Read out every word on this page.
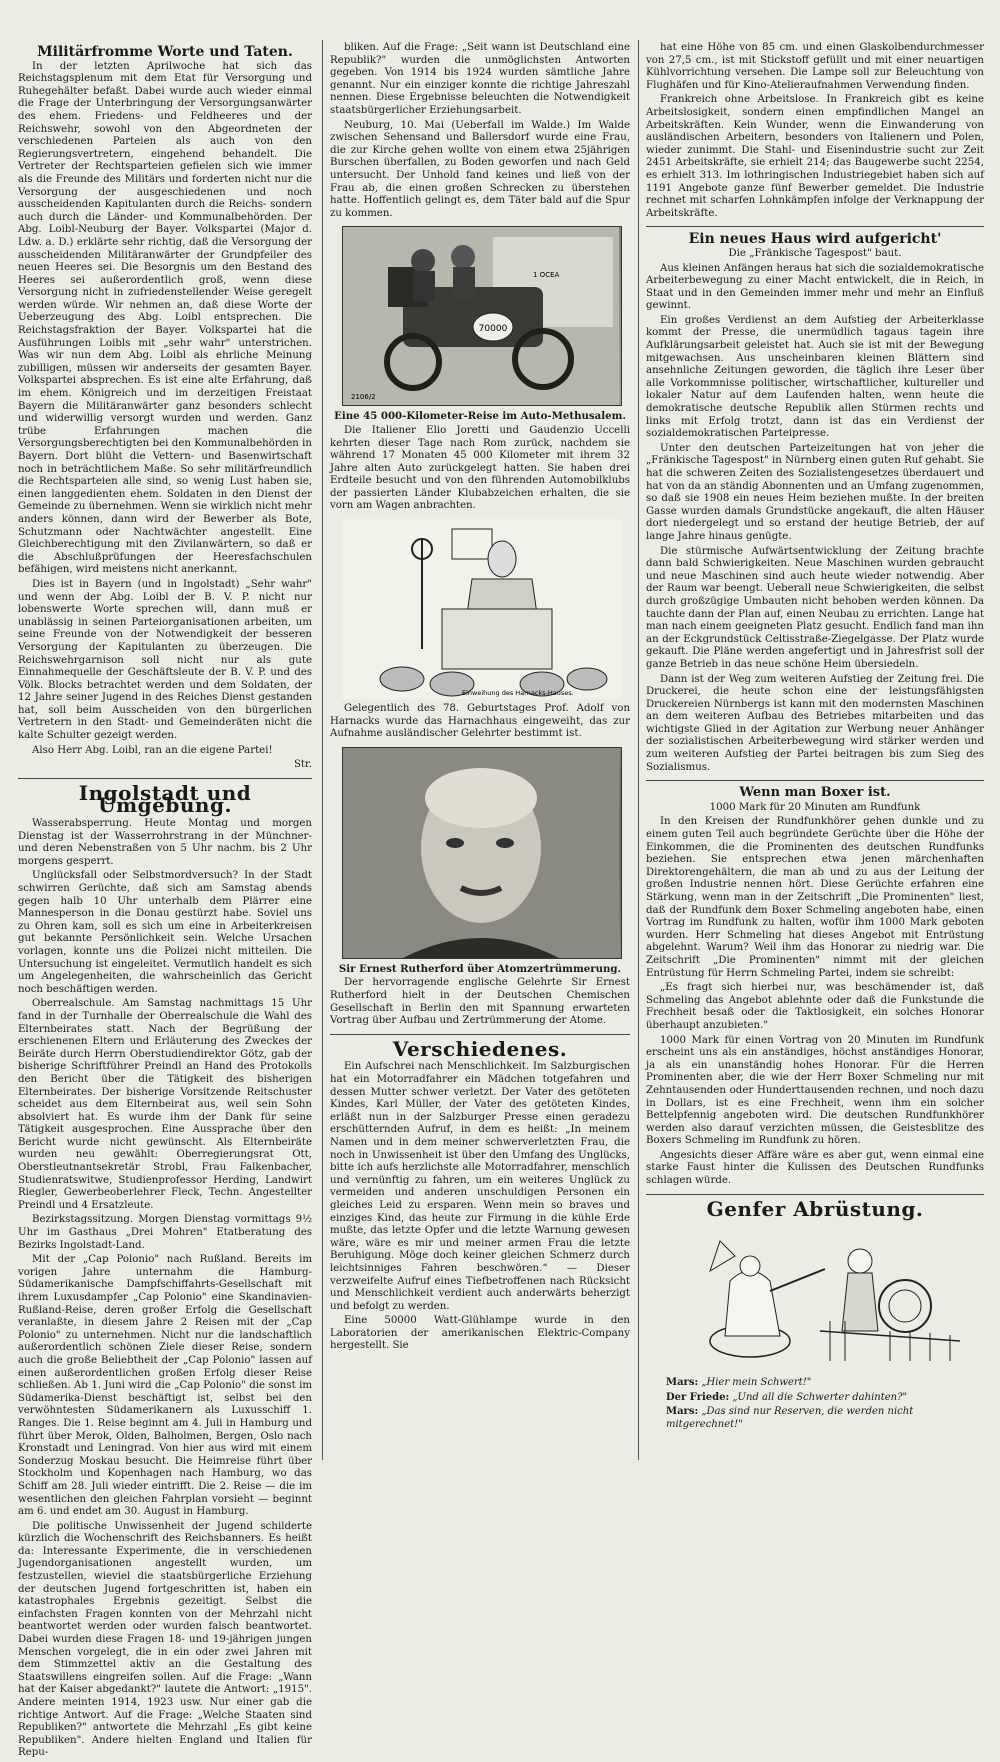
Militärfromme Worte und Taten.

In der letzten Aprilwoche hat sich das Reichstagsplenum mit dem Etat für Versorgung und Ruhegehälter befaßt. Dabei wurde auch wieder einmal die Frage der Unterbringung der Versorgungsanwärter des ehem. Friedens- und Feldheeres und der Reichswehr, sowohl von den Abgeordneten der verschiedenen Parteien als auch von den Regierungsvertretern, eingehend behandelt. Die Vertreter der Rechtsparteien gefielen sich wie immer als die Freunde des Militärs und forderten nicht nur die Versorgung der ausgeschiedenen und noch ausscheidenden Kapitulanten durch die Reichs- sondern auch durch die Länder- und Kommunalbehörden. Der Abg. Loibl-Neuburg der Bayer. Volkspartei (Major d. Ldw. a. D.) erklärte sehr richtig, daß die Versorgung der ausscheidenden Militäranwärter der Grundpfeiler des neuen Heeres sei. Die Besorgnis um den Bestand des Heeres sei außerordentlich groß, wenn diese Versorgung nicht in zufriedenstellender Weise geregelt werden würde. Wir nehmen an, daß diese Worte der Ueberzeugung des Abg. Loibl entsprechen. Die Reichstagsfraktion der Bayer. Volkspartei hat die Ausführungen Loibls mit „sehr wahr" unterstrichen. Was wir nun dem Abg. Loibl als ehrliche Meinung zubilligen, müssen wir anderseits der gesamten Bayer. Volkspartei absprechen. Es ist eine alte Erfahrung, daß im ehem. Königreich und im derzeitigen Freistaat Bayern die Militäranwärter ganz besonders schlecht und widerwillig versorgt wurden und werden. Ganz trübe Erfahrungen machen die Versorgungsberechtigten bei den Kommunalbehörden in Bayern. Dort blüht die Vettern- und Basenwirtschaft noch in beträchtlichem Maße. So sehr militärfreundlich die Rechtsparteien alle sind, so wenig Lust haben sie, einen langgedienten ehem. Soldaten in den Dienst der Gemeinde zu übernehmen. Wenn sie wirklich nicht mehr anders können, dann wird der Bewerber als Bote, Schutzmann oder Nachtwächter angestellt. Eine Gleichberechtigung mit den Zivilanwärtern, so daß er die Abschlußprüfungen der Heeresfachschulen befähigen, wird meistens nicht anerkannt.

Dies ist in Bayern (und in Ingolstadt) „Sehr wahr" und wenn der Abg. Loibl der B. V. P. nicht nur lobenswerte Worte sprechen will, dann muß er unablässig in seinen Parteiorganisationen arbeiten, um seine Freunde von der Notwendigkeit der besseren Versorgung der Kapitulanten zu überzeugen. Die Reichswehrgarnison soll nicht nur als gute Einnahmequelle der Geschäftsleute der B. V. P. und des Völk. Blocks betrachtet werden und dem Soldaten, der 12 Jahre seiner Jugend in des Reiches Dienst gestanden hat, soll beim Ausscheiden von den bürgerlichen Vertretern in den Stadt- und Gemeinderäten nicht die kalte Schulter gezeigt werden.

Also Herr Abg. Loibl, ran an die eigene Partei!

Str.

Ingolstadt und Umgebung.

Wasserabsperrung. Heute Montag und morgen Dienstag ist der Wasserrohrstrang in der Münchner- und deren Nebenstraßen von 5 Uhr nachm. bis 2 Uhr morgens gesperrt.

Unglücksfall oder Selbstmordversuch? In der Stadt schwirren Gerüchte, daß sich am Samstag abends gegen halb 10 Uhr unterhalb dem Plärrer eine Mannesperson in die Donau gestürzt habe. Soviel uns zu Ohren kam, soll es sich um eine in Arbeiterkreisen gut bekannte Persönlichkeit sein. Welche Ursachen vorlagen, konnte uns die Polizei nicht mitteilen. Die Untersuchung ist eingeleitet. Vermutlich handelt es sich um Angelegenheiten, die wahrscheinlich das Gericht noch beschäftigen werden.

Oberrealschule. Am Samstag nachmittags 15 Uhr fand in der Turnhalle der Oberrealschule die Wahl des Elternbeirates statt. Nach der Begrüßung der erschienenen Eltern und Erläuterung des Zweckes der Beiräte durch Herrn Oberstudiendirektor Götz, gab der bisherige Schriftführer Preindl an Hand des Protokolls den Bericht über die Tätigkeit des bisherigen Elternbeirates. Der bisherige Vorsitzende Reitschuster scheidet aus dem Elternbeirat aus, weil sein Sohn absolviert hat. Es wurde ihm der Dank für seine Tätigkeit ausgesprochen. Eine Aussprache über den Bericht wurde nicht gewünscht. Als Elternbeiräte wurden neu gewählt: Oberregierungsrat Ott, Oberstleutnantsekretär Strobl, Frau Falkenbacher, Studienratswitwe, Studienprofessor Herding, Landwirt Riegler, Gewerbeoberlehrer Fleck, Techn. Angestellter Preindl und 4 Ersatzleute.

Bezirkstagssitzung. Morgen Dienstag vormittags 9½ Uhr im Gasthaus „Drei Mohren" Etatberatung des Bezirks Ingolstadt-Land.

Mit der „Cap Polonio" nach Rußland. Bereits im vorigen Jahre unternahm die Hamburg-Südamerikanische Dampfschiffahrts-Gesellschaft mit ihrem Luxusdampfer „Cap Polonio" eine Skandinavien-Rußland-Reise, deren großer Erfolg die Gesellschaft veranlaßte, in diesem Jahre 2 Reisen mit der „Cap Polonio" zu unternehmen. Nicht nur die landschaftlich außerordentlich schönen Ziele dieser Reise, sondern auch die große Beliebtheit der „Cap Polonio" lassen auf einen außerordentlichen großen Erfolg dieser Reise schließen. Ab 1. Juni wird die „Cap Polonio" die sonst im Südamerika-Dienst beschäftigt ist, selbst bei den verwöhntesten Südamerikanern als Luxusschiff 1. Ranges. Die 1. Reise beginnt am 4. Juli in Hamburg und führt über Merok, Olden, Balholmen, Bergen, Oslo nach Kronstadt und Leningrad. Von hier aus wird mit einem Sonderzug Moskau besucht. Die Heimreise führt über Stockholm und Kopenhagen nach Hamburg, wo das Schiff am 28. Juli wieder eintrifft. Die 2. Reise — die im wesentlichen den gleichen Fahrplan vorsieht — beginnt am 6. und endet am 30. August in Hamburg.

Die politische Unwissenheit der Jugend schilderte kürzlich die Wochenschrift des Reichsbanners. Es heißt da: Interessante Experimente, die in verschiedenen Jugendorganisationen angestellt wurden, um festzustellen, wieviel die staatsbürgerliche Erziehung der deutschen Jugend fortgeschritten ist, haben ein katastrophales Ergebnis gezeitigt. Selbst die einfachsten Fragen konnten von der Mehrzahl nicht beantwortet werden oder wurden falsch beantwortet. Dabei wurden diese Fragen 18- und 19-jährigen jungen Menschen vorgelegt, die in ein oder zwei Jahren mit dem Stimmzettel aktiv an die Gestaltung des Staatswillens eingreifen sollen. Auf die Frage: „Wann hat der Kaiser abgedankt?" lautete die Antwort: „1915". Andere meinten 1914, 1923 usw. Nur einer gab die richtige Antwort. Auf die Frage: „Welche Staaten sind Republiken?" antwortete die Mehrzahl „Es gibt keine Republiken". Andere hielten England und Italien für Repu-

bliken. Auf die Frage: „Seit wann ist Deutschland eine Republik?" wurden die unmöglichsten Antworten gegeben. Von 1914 bis 1924 wurden sämtliche Jahre genannt. Nur ein einziger konnte die richtige Jahreszahl nennen. Diese Ergebnisse beleuchten die Notwendigkeit staatsbürgerlicher Erziehungsarbeit.

Neuburg, 10. Mai (Ueberfall im Walde.) Im Walde zwischen Sehensand und Ballersdorf wurde eine Frau, die zur Kirche gehen wollte von einem etwa 25jährigen Burschen überfallen, zu Boden geworfen und nach Geld untersucht. Der Unhold fand keines und ließ von der Frau ab, die einen großen Schrecken zu überstehen hatte. Hoffentlich gelingt es, dem Täter bald auf die Spur zu kommen.

70000
1 OCEA
2106/2

Eine 45 000-Kilometer-Reise im Auto-Methusalem.

Die Italiener Elio Joretti und Gaudenzio Uccelli kehrten dieser Tage nach Rom zurück, nachdem sie während 17 Monaten 45 000 Kilometer mit ihrem 32 Jahre alten Auto zurückgelegt hatten. Sie haben drei Erdteile besucht und von den führenden Automobilklubs der passierten Länder Klubabzeichen erhalten, die sie vorn am Wagen anbrachten.

Einweihung des Harnacks-Hauses.

Gelegentlich des 78. Geburtstages Prof. Adolf von Harnacks wurde das Harnachhaus eingeweiht, das zur Aufnahme ausländischer Gelehrter bestimmt ist.

Sir Ernest Rutherford über Atomzertrümmerung.

Der hervorragende englische Gelehrte Sir Ernest Rutherford hielt in der Deutschen Chemischen Gesellschaft in Berlin den mit Spannung erwarteten Vortrag über Aufbau und Zertrümmerung der Atome.

Verschiedenes.

Ein Aufschrei nach Menschlichkeit. Im Salzburgischen hat ein Motorradfahrer ein Mädchen totgefahren und dessen Mutter schwer verletzt. Der Vater des getöteten Kindes, Karl Müller, der Vater des getöteten Kindes, erläßt nun in der Salzburger Presse einen geradezu erschütternden Aufruf, in dem es heißt: „In meinem Namen und in dem meiner schwerverletzten Frau, die noch in Unwissenheit ist über den Umfang des Unglücks, bitte ich aufs herzlichste alle Motorradfahrer, menschlich und vernünftig zu fahren, um ein weiteres Unglück zu vermeiden und anderen unschuldigen Personen ein gleiches Leid zu ersparen. Wenn mein so braves und einziges Kind, das heute zur Firmung in die kühle Erde mußte, das letzte Opfer und die letzte Warnung gewesen wäre, wäre es mir und meiner armen Frau die letzte Beruhigung. Möge doch keiner gleichen Schmerz durch leichtsinniges Fahren beschwören.“ — Dieser verzweifelte Aufruf eines Tiefbetroffenen nach Rücksicht und Menschlichkeit verdient auch anderwärts beherzigt und befolgt zu werden.

Eine 50000 Watt-Glühlampe wurde in den Laboratorien der amerikanischen Elektric-Company hergestellt. Sie

hat eine Höhe von 85 cm. und einen Glaskolbendurchmesser von 27,5 cm., ist mit Stickstoff gefüllt und mit einer neuartigen Kühlvorrichtung versehen. Die Lampe soll zur Beleuchtung von Flughäfen und für Kino-Atelieraufnahmen Verwendung finden.

Frankreich ohne Arbeitslose. In Frankreich gibt es keine Arbeitslosigkeit, sondern einen empfindlichen Mangel an Arbeitskräften. Kein Wunder, wenn die Einwanderung von ausländischen Arbeitern, besonders von Italienern und Polen, wieder zunimmt. Die Stahl- und Eisenindustrie sucht zur Zeit 2451 Arbeitskräfte, sie erhielt 214; das Baugewerbe sucht 2254, es erhielt 313. Im lothringischen Industriegebiet haben sich auf 1191 Angebote ganze fünf Bewerber gemeldet. Die Industrie rechnet mit scharfen Lohnkämpfen infolge der Verknappung der Arbeitskräfte.

Ein neues Haus wird aufgericht'

Die „Fränkische Tagespost" baut.

Aus kleinen Anfängen heraus hat sich die sozialdemokratische Arbeiterbewegung zu einer Macht entwickelt, die in Reich, in Staat und in den Gemeinden immer mehr und mehr an Einfluß gewinnt.

Ein großes Verdienst an dem Aufstieg der Arbeiterklasse kommt der Presse, die unermüdlich tagaus tagein ihre Aufklärungsarbeit geleistet hat. Auch sie ist mit der Bewegung mitgewachsen. Aus unscheinbaren kleinen Blättern sind ansehnliche Zeitungen geworden, die täglich ihre Leser über alle Vorkommnisse politischer, wirtschaftlicher, kultureller und lokaler Natur auf dem Laufenden halten, wenn heute die demokratische deutsche Republik allen Stürmen rechts und links mit Erfolg trotzt, dann ist das ein Verdienst der sozialdemokratischen Parteipresse.

Unter den deutschen Parteizeitungen hat von jeher die „Fränkische Tagespost" in Nürnberg einen guten Ruf gehabt. Sie hat die schweren Zeiten des Sozialistengesetzes überdauert und hat von da an ständig Abonnenten und an Umfang zugenommen, so daß sie 1908 ein neues Heim beziehen mußte. In der breiten Gasse wurden damals Grundstücke angekauft, die alten Häuser dort niedergelegt und so erstand der heutige Betrieb, der auf lange Jahre hinaus genügte.

Die stürmische Aufwärtsentwicklung der Zeitung brachte dann bald Schwierigkeiten. Neue Maschinen wurden gebraucht und neue Maschinen sind auch heute wieder notwendig. Aber der Raum war beengt. Ueberall neue Schwierigkeiten, die selbst durch großzügige Umbauten nicht behoben werden können. Da tauchte dann der Plan auf, einen Neubau zu errichten. Lange hat man nach einem geeigneten Platz gesucht. Endlich fand man ihn an der Eckgrundstück Celtisstraße-Ziegelgasse. Der Platz wurde gekauft. Die Pläne werden angefertigt und in Jahresfrist soll der ganze Betrieb in das neue schöne Heim übersiedeln.

Dann ist der Weg zum weiteren Aufstieg der Zeitung frei. Die Druckerei, die heute schon eine der leistungsfähigsten Druckereien Nürnbergs ist kann mit den modernsten Maschinen an dem weiteren Aufbau des Betriebes mitarbeiten und das wichtigste Glied in der Agitation zur Werbung neuer Anhänger der sozialistischen Arbeiterbewegung wird stärker werden und zum weiteren Aufstieg der Partei beitragen bis zum Sieg des Sozialismus.

Wenn man Boxer ist.

1000 Mark für 20 Minuten am Rundfunk

In den Kreisen der Rundfunkhörer gehen dunkle und zu einem guten Teil auch begründete Gerüchte über die Höhe der Einkommen, die die Prominenten des deutschen Rundfunks beziehen. Sie entsprechen etwa jenen märchenhaften Direktorengehältern, die man ab und zu aus der Leitung der großen Industrie nennen hört. Diese Gerüchte erfahren eine Stärkung, wenn man in der Zeitschrift „Die Prominenten" liest, daß der Rundfunk dem Boxer Schmeling angeboten habe, einen Vortrag im Rundfunk zu halten, wofür ihm 1000 Mark geboten wurden. Herr Schmeling hat dieses Angebot mit Entrüstung abgelehnt. Warum? Weil ihm das Honorar zu niedrig war. Die Zeitschrift „Die Prominenten" nimmt mit der gleichen Entrüstung für Herrn Schmeling Partei, indem sie schreibt:

„Es fragt sich hierbei nur, was beschämender ist, daß Schmeling das Angebot ablehnte oder daß die Funkstunde die Frechheit besaß oder die Taktlosigkeit, ein solches Honorar überhaupt anzubieten."

1000 Mark für einen Vortrag von 20 Minuten im Rundfunk erscheint uns als ein anständiges, höchst anständiges Honorar, ja als ein unanständig hohes Honorar. Für die Herren Prominenten aber, die wie der Herr Boxer Schmeling nur mit Zehntausenden oder Hunderttausenden rechnen, und noch dazu in Dollars, ist es eine Frechheit, wenn ihm ein solcher Bettelpfennig angeboten wird. Die deutschen Rundfunkhörer werden also darauf verzichten müssen, die Geistesblitze des Boxers Schmeling im Rundfunk zu hören.

Angesichts dieser Affäre wäre es aber gut, wenn einmal eine starke Faust hinter die Kulissen des Deutschen Rundfunks schlagen würde.

Genfer Abrüstung.

Mars: „Hier mein Schwert!"

Der Friede: „Und all die Schwerter dahinten?"

Mars: „Das sind nur Reserven, die werden nicht mitgerechnet!"
